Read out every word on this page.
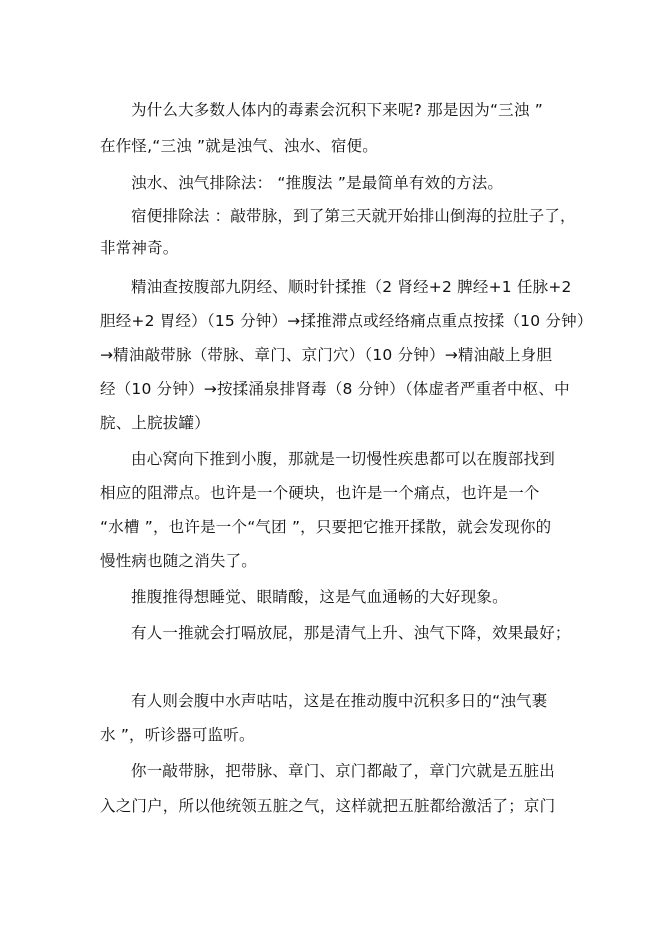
为什么大多数人体内的毒素会沉积下来呢? 那是因为“三浊 ”
在作怪,“三浊 ”就是浊气、浊水、宿便。
浊水、浊气排除法： “推腹法 ”是最简单有效的方法。
宿便排除法 ：敲带脉，到了第三天就开始排山倒海的拉肚子了，
非常神奇。
精油查按腹部九阴经、顺时针揉推（2 肾经+2 脾经+1 任脉+2
胆经+2 胃经）（15 分钟）→揉推滞点或经络痛点重点按揉（10 分钟）
→精油敲带脉（带脉、章门、京门穴）（10 分钟）→精油敲上身胆
经（10 分钟）→按揉涌泉排肾毒（8 分钟）（体虚者严重者中枢、中
脘、上脘拔罐）
由心窝向下推到小腹，那就是一切慢性疾患都可以在腹部找到
相应的阻滞点。也许是一个硬块，也许是一个痛点，也许是一个
“水槽 ”，也许是一个“气团 ”，只要把它推开揉散，就会发现你的
慢性病也随之消失了。
推腹推得想睡觉、眼睛酸，这是气血通畅的大好现象。
有人一推就会打嗝放屁，那是清气上升、浊气下降，效果最好；
有人则会腹中水声咕咕，这是在推动腹中沉积多日的“浊气裹
水 ”，听诊器可监听。
你一敲带脉，把带脉、章门、京门都敲了，章门穴就是五脏出
入之门户，所以他统领五脏之气，这样就把五脏都给激活了；京门
